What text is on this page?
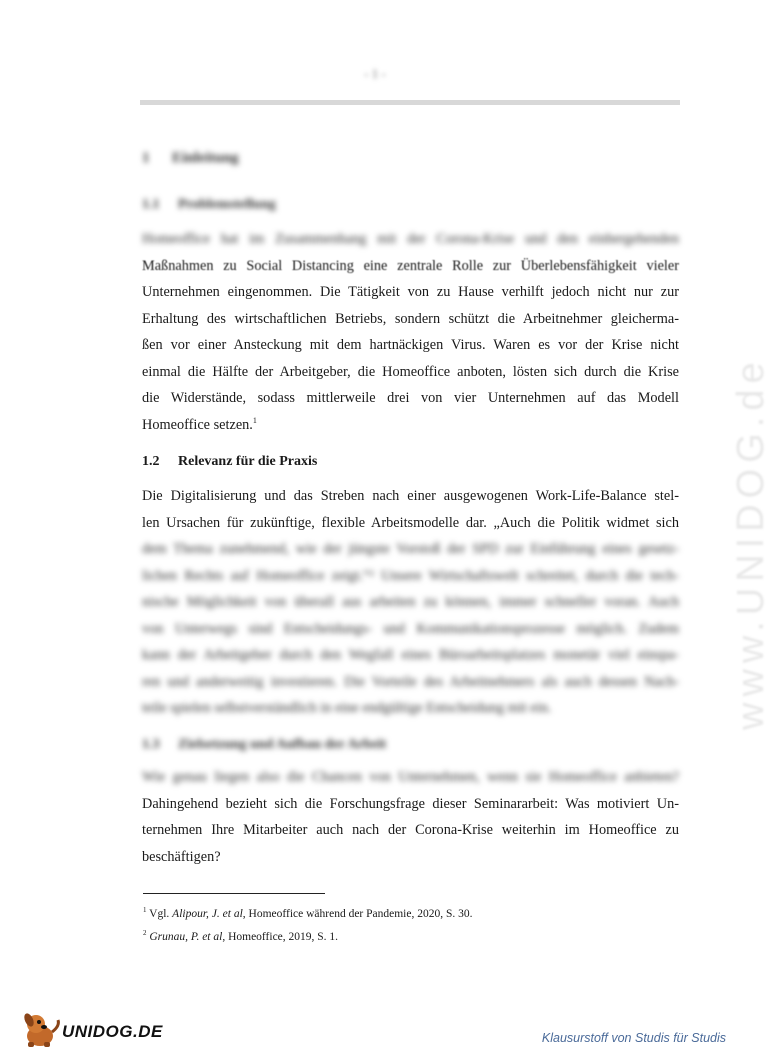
- 1 -
www.UNIDOG.de
1 Einleitung
1.1 Problemstellung
Homeoffice hat im Zusammenhang mit der Corona-Krise und den einhergehenden
Maßnahmen zu Social Distancing eine zentrale Rolle zur Überlebensfähigkeit vieler
Unternehmen eingenommen. Die Tätigkeit von zu Hause verhilft jedoch nicht nur zur
Erhaltung des wirtschaftlichen Betriebs, sondern schützt die Arbeitnehmer gleicherma-
ßen vor einer Ansteckung mit dem hartnäckigen Virus. Waren es vor der Krise nicht
einmal die Hälfte der Arbeitgeber, die Homeoffice anboten, lösten sich durch die Krise
die Widerstände, sodass mittlerweile drei von vier Unternehmen auf das Modell
Homeoffice setzen.$^1$
1.2 Relevanz für die Praxis
Die Digitalisierung und das Streben nach einer ausgewogenen Work-Life-Balance stel-
len Ursachen für zukünftige, flexible Arbeitsmodelle dar. „Auch die Politik widmet sich
dem Thema zunehmend, wie der jüngste Vorstoß der SPD zur Einführung eines gesetz-
lichen Rechts auf Homeoffice zeigt.“² Unsere Wirtschaftswelt schreitet, durch die tech-
nische Möglichkeit von überall aus arbeiten zu können, immer schneller voran. Auch
von Unterwegs sind Entscheidungs- und Kommunikationsprozesse möglich. Zudem
kann der Arbeitgeber durch den Wegfall eines Büroarbeitsplatzes monetär viel einspa-
ren und anderweitig investieren. Die Vorteile des Arbeitnehmers als auch dessen Nach-
teile spielen selbstverständlich in eine endgültige Entscheidung mit ein.
1.3 Zielsetzung und Aufbau der Arbeit
Wie genau liegen also die Chancen von Unternehmen, wenn sie Homeoffice anbieten?
Dahingehend bezieht sich die Forschungsfrage dieser Seminararbeit: Was motiviert Un-
ternehmen Ihre Mitarbeiter auch nach der Corona-Krise weiterhin im Homeoffice zu
beschäftigen?
$^1$ Vgl. Alipour, J. et al, Homeoffice während der Pandemie, 2020, S. 30.
$^2$ Grunau, P. et al, Homeoffice, 2019, S. 1.
UNIDOG.DE	Klausurstoff von Studis für Studis
